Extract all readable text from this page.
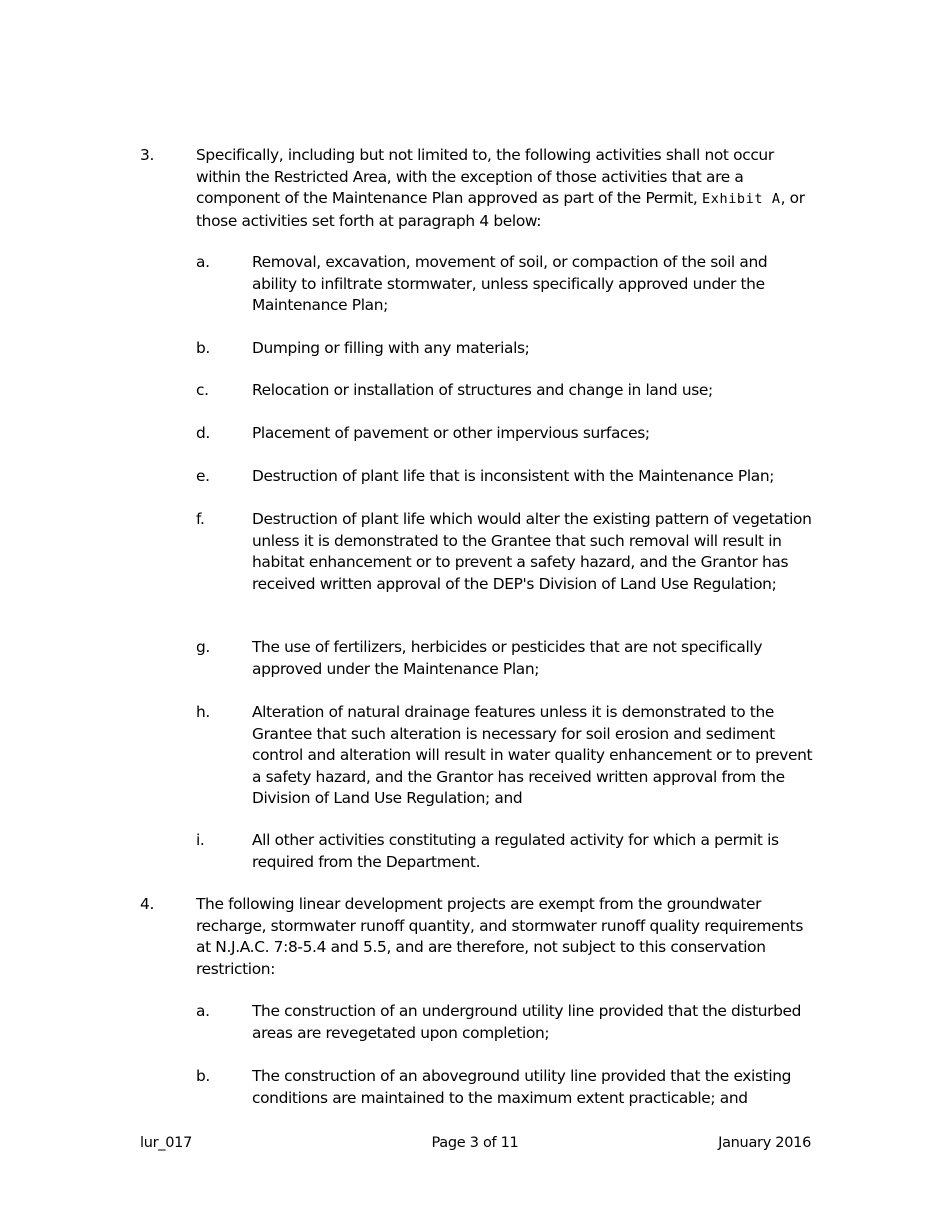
3.	Specifically, including but not limited to, the following activities shall not occur within the Restricted Area, with the exception of those activities that are a component of the Maintenance Plan approved as part of the Permit, Exhibit A, or those activities set forth at paragraph 4 below:
a.	Removal, excavation, movement of soil, or compaction of the soil and ability to infiltrate stormwater, unless specifically approved under the Maintenance Plan;
b.	Dumping or filling with any materials;
c.	Relocation or installation of structures and change in land use;
d.	Placement of pavement or other impervious surfaces;
e.	Destruction of plant life that is inconsistent with the Maintenance Plan;
f.	Destruction of plant life which would alter the existing pattern of vegetation unless it is demonstrated to the Grantee that such removal will result in habitat enhancement or to prevent a safety hazard, and the Grantor has received written approval of the DEP's Division of Land Use Regulation;
g.	The use of fertilizers, herbicides or pesticides that are not specifically approved under the Maintenance Plan;
h.	Alteration of natural drainage features unless it is demonstrated to the Grantee that such alteration is necessary for soil erosion and sediment control and alteration will result in water quality enhancement or to prevent a safety hazard, and the Grantor has received written approval from the Division of Land Use Regulation; and
i.	All other activities constituting a regulated activity for which a permit is required from the Department.
4.	The following linear development projects are exempt from the groundwater recharge, stormwater runoff quantity, and stormwater runoff quality requirements at N.J.A.C. 7:8-5.4 and 5.5, and are therefore, not subject to this conservation restriction:
a.	The construction of an underground utility line provided that the disturbed areas are revegetated upon completion;
b.	The construction of an aboveground utility line provided that the existing conditions are maintained to the maximum extent practicable; and
lur_017	Page 3 of 11	January 2016
